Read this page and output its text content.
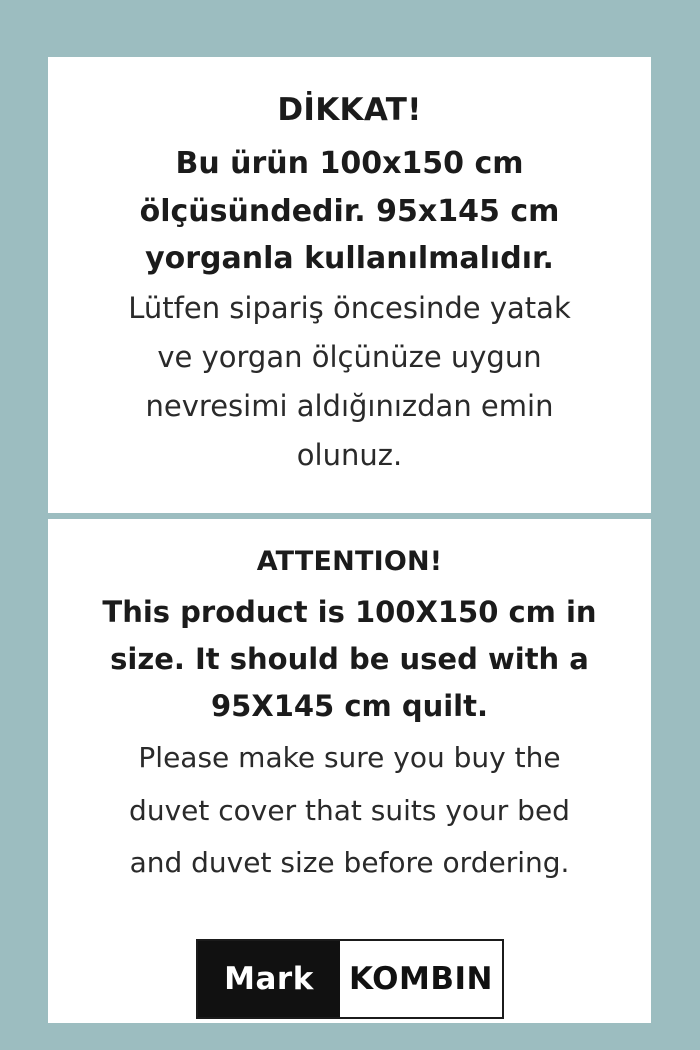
DİKKAT!

Bu ürün 100x150 cm

ölçüsündedir. 95x145 cm

yorganla kullanılmalıdır.

Lütfen sipariş öncesinde yatak

ve yorgan ölçünüze uygun

nevresimi aldığınızdan emin

olunuz.

ATTENTION!

This product is 100X150 cm in

size. It should be used with a

95X145 cm quilt.

Please make sure you buy the

duvet cover that suits your bed

and duvet size before ordering.

Mark	KOMBIN
